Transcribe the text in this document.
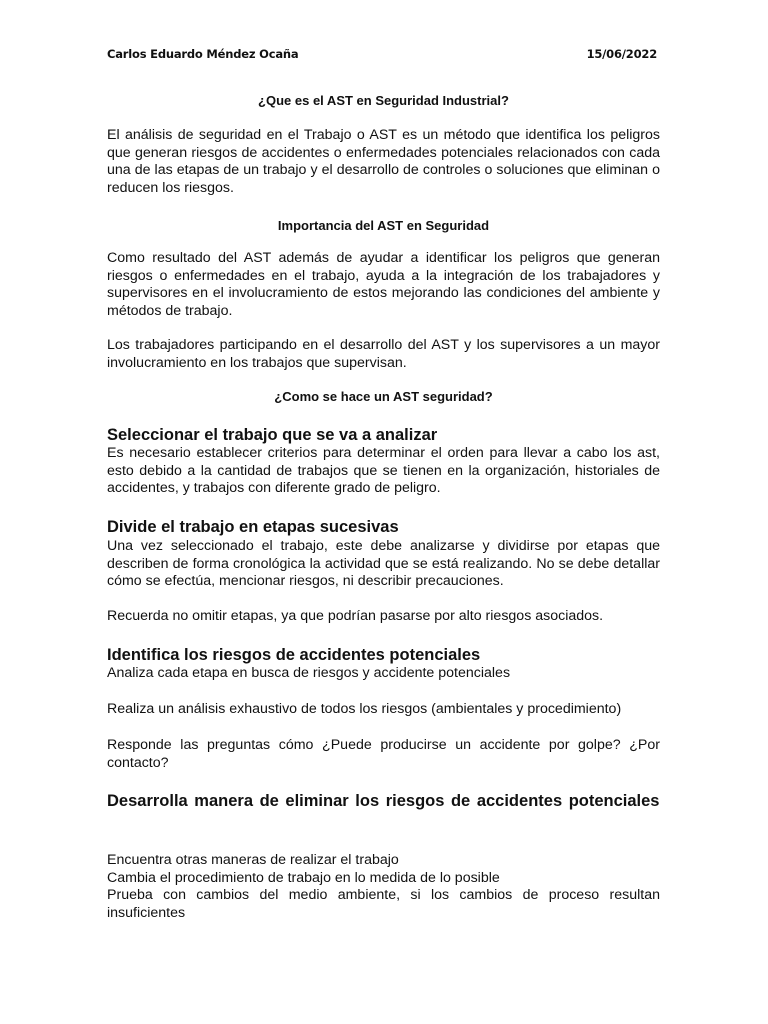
Carlos Eduardo Méndez Ocaña	15/06/2022
¿Que es el AST en Seguridad Industrial?

El análisis de seguridad en el Trabajo o AST es un método que identifica los peligros que generan riesgos de accidentes o enfermedades potenciales relacionados con cada una de las etapas de un trabajo y el desarrollo de controles o soluciones que eliminan o reducen los riesgos.

Importancia del AST en Seguridad

Como resultado del AST además de ayudar a identificar los peligros que generan riesgos o enfermedades en el trabajo, ayuda a la integración de los trabajadores y supervisores en el involucramiento de estos mejorando las condiciones del ambiente y métodos de trabajo.

Los trabajadores participando en el desarrollo del AST y los supervisores a un mayor involucramiento en los trabajos que supervisan.

¿Como se hace un AST seguridad?
Seleccionar el trabajo que se va a analizar

Es necesario establecer criterios para determinar el orden para llevar a cabo los ast, esto debido a la cantidad de trabajos que se tienen en la organización, historiales de accidentes, y trabajos con diferente grado de peligro.

Divide el trabajo en etapas sucesivas

Una vez seleccionado el trabajo, este debe analizarse y dividirse por etapas que describen de forma cronológica la actividad que se está realizando. No se debe detallar cómo se efectúa, mencionar riesgos, ni describir precauciones.

Recuerda no omitir etapas, ya que podrían pasarse por alto riesgos asociados.

Identifica los riesgos de accidentes potenciales

Analiza cada etapa en busca de riesgos y accidente potenciales

Realiza un análisis exhaustivo de todos los riesgos (ambientales y procedimiento)

Responde las preguntas cómo ¿Puede producirse un accidente por golpe? ¿Por contacto?

Desarrolla manera de eliminar los riesgos de accidentes potenciales
Encuentra otras maneras de realizar el trabajo
Cambia el procedimiento de trabajo en lo medida de lo posible
Prueba con cambios del medio ambiente, si los cambios de proceso resultan insuficientes
